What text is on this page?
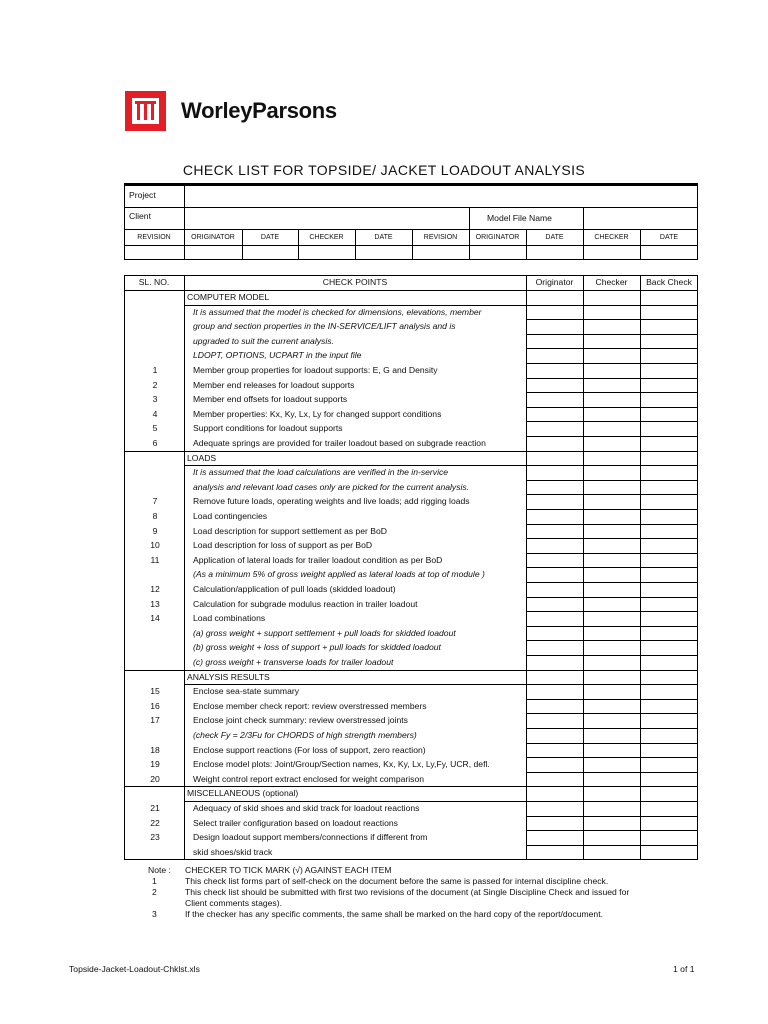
WorleyParsons
CHECK LIST FOR TOPSIDE/ JACKET LOADOUT ANALYSIS
Project
Client	Model File Name
REVISION	ORIGINATOR	DATE	CHECKER	DATE	REVISION	ORIGINATOR	DATE	CHECKER	DATE
SL. NO.	CHECK POINTS	Originator	Checker	Back Check
COMPUTER MODEL
It is assumed that the model is checked for dimensions, elevations, member
group and section properties in the IN-SERVICE/LIFT analysis and is
upgraded to suit the current analysis.
LDOPT, OPTIONS, UCPART in the input file
1	Member group properties for loadout supports: E, G and Density
2	Member end releases for loadout supports
3	Member end offsets for loadout supports
4	Member properties: Kx, Ky, Lx, Ly for changed support conditions
5	Support conditions for loadout supports
6	Adequate springs are provided for trailer loadout based on subgrade reaction
LOADS
It is assumed that the load calculations are verified in the in-service
analysis and relevant load cases only are picked for the current analysis.
7	Remove future loads, operating weights and live loads; add rigging loads
8	Load contingencies
9	Load description for support settlement as per BoD
10	Load description for loss of support as per BoD
11	Application of lateral loads for trailer loadout condition as per BoD
(As a minimum 5% of gross weight applied as lateral loads at top of module )
12	Calculation/application of pull loads (skidded loadout)
13	Calculation for subgrade modulus reaction in trailer loadout
14	Load combinations
(a) gross weight + support settlement + pull loads for skidded loadout
(b) gross weight + loss of support + pull loads for skidded loadout
(c) gross weight + transverse loads for trailer loadout
ANALYSIS RESULTS
15	Enclose sea-state summary
16	Enclose member check report: review overstressed members
17	Enclose joint check summary: review overstressed joints
(check Fy = 2/3Fu for CHORDS of high strength members)
18	Enclose support reactions (For loss of support, zero reaction)
19	Enclose model plots: Joint/Group/Section names, Kx, Ky, Lx, Ly,Fy, UCR, defl.
20	Weight control report extract enclosed for weight comparison
MISCELLANEOUS (optional)
21	Adequacy of skid shoes and skid track for loadout reactions
22	Select trailer configuration based on loadout reactions
23	Design loadout support members/connections if different from
skid shoes/skid track
Note : CHECKER TO TICK MARK (√) AGAINST EACH ITEM
1	This check list forms part of self-check on the document before the same is passed for internal discipline check.
2	This check list should be submitted with first two revisions of the document (at Single Discipline Check and issued for
Client comments stages).
3	If the checker has any specific comments, the same shall be marked on the hard copy of the report/document.
Topside-Jacket-Loadout-Chklst.xls	1 of 1
